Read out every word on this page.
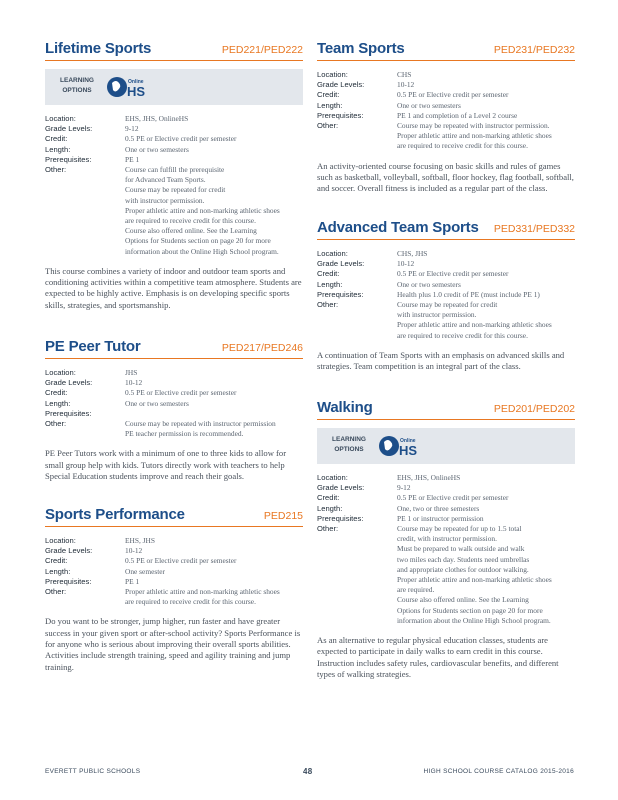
Lifetime Sports	PED221/PED222
LEARNING
OPTIONS
Online
HS
Location:	EHS, JHS, OnlineHS
Grade Levels:	9-12
Credit:	0.5 PE or Elective credit per semester
Length:	One or two semesters
Prerequisites:	PE 1
Other:	Course can fulfill the prerequisite
for Advanced Team Sports.
Course may be repeated for credit
with instructor permission.
Proper athletic attire and non-marking athletic shoes
are required to receive credit for this course.
Course also offered online. See the Learning
Options for Students section on page 20 for more
information about the Online High School program.
This course combines a variety of indoor and outdoor team sports and conditioning activities within a competitive team atmosphere. Students are expected to be highly active. Emphasis is on developing specific sports skills, strategies, and sportsmanship.
PE Peer Tutor	PED217/PED246
Location:	JHS
Grade Levels:	10-12
Credit:	0.5 PE or Elective credit per semester
Length:	One or two semesters
Prerequisites:

Other:	Course may be repeated with instructor permission
PE teacher permission is recommended.
PE Peer Tutors work with a minimum of one to three kids to allow for small group help with kids. Tutors directly work with teachers to help Special Education students improve and reach their goals.
Sports Performance	PED215
Location:	EHS, JHS
Grade Levels:	10-12
Credit:	0.5 PE or Elective credit per semester
Length:	One semester
Prerequisites:	PE 1
Other:	Proper athletic attire and non-marking athletic shoes
are required to receive credit for this course.
Do you want to be stronger, jump higher, run faster and have greater success in your given sport or after-school activity? Sports Performance is for anyone who is serious about improving their overall sports abilities. Activities include strength training, speed and agility training and jump training.
Team Sports	PED231/PED232
Location:	CHS
Grade Levels:	10-12
Credit:	0.5 PE or Elective credit per semester
Length:	One or two semesters
Prerequisites:	PE 1 and completion of a Level 2 course
Other:	Course may be repeated with instructor permission.
Proper athletic attire and non-marking athletic shoes
are required to receive credit for this course.
An activity-oriented course focusing on basic skills and rules of games such as basketball, volleyball, softball, floor hockey, flag football, softball, and soccer. Overall fitness is included as a regular part of the class.
Advanced Team Sports PED331/PED332
Location:	CHS, JHS
Grade Levels:	10-12
Credit:	0.5 PE or Elective credit per semester
Length:	One or two semesters
Prerequisites:	Health plus 1.0 credit of PE (must include PE 1)
Other:	Course may be repeated for credit
with instructor permission.
Proper athletic attire and non-marking athletic shoes
are required to receive credit for this course.
A continuation of Team Sports with an emphasis on advanced skills and strategies. Team competition is an integral part of the class.
Walking	PED201/PED202
LEARNING
OPTIONS
Online
HS
Location:	EHS, JHS, OnlineHS
Grade Levels:	9-12
Credit:	0.5 PE or Elective credit per semester
Length:	One, two or three semesters
Prerequisites:	PE 1 or instructor permission
Other:	Course may be repeated for up to 1.5 total
credit, with instructor permission.
Must be prepared to walk outside and walk
two miles each day. Students need umbrellas
and appropriate clothes for outdoor walking.
Proper athletic attire and non-marking athletic shoes
are required.
Course also offered online. See the Learning
Options for Students section on page 20 for more
information about the Online High School program.
As an alternative to regular physical education classes, students are expected to participate in daily walks to earn credit in this course. Instruction includes safety rules, cardiovascular benefits, and different types of walking strategies.
EVERETT PUBLIC SCHOOLS	48	HIGH SCHOOL COURSE CATALOG 2015-2016
